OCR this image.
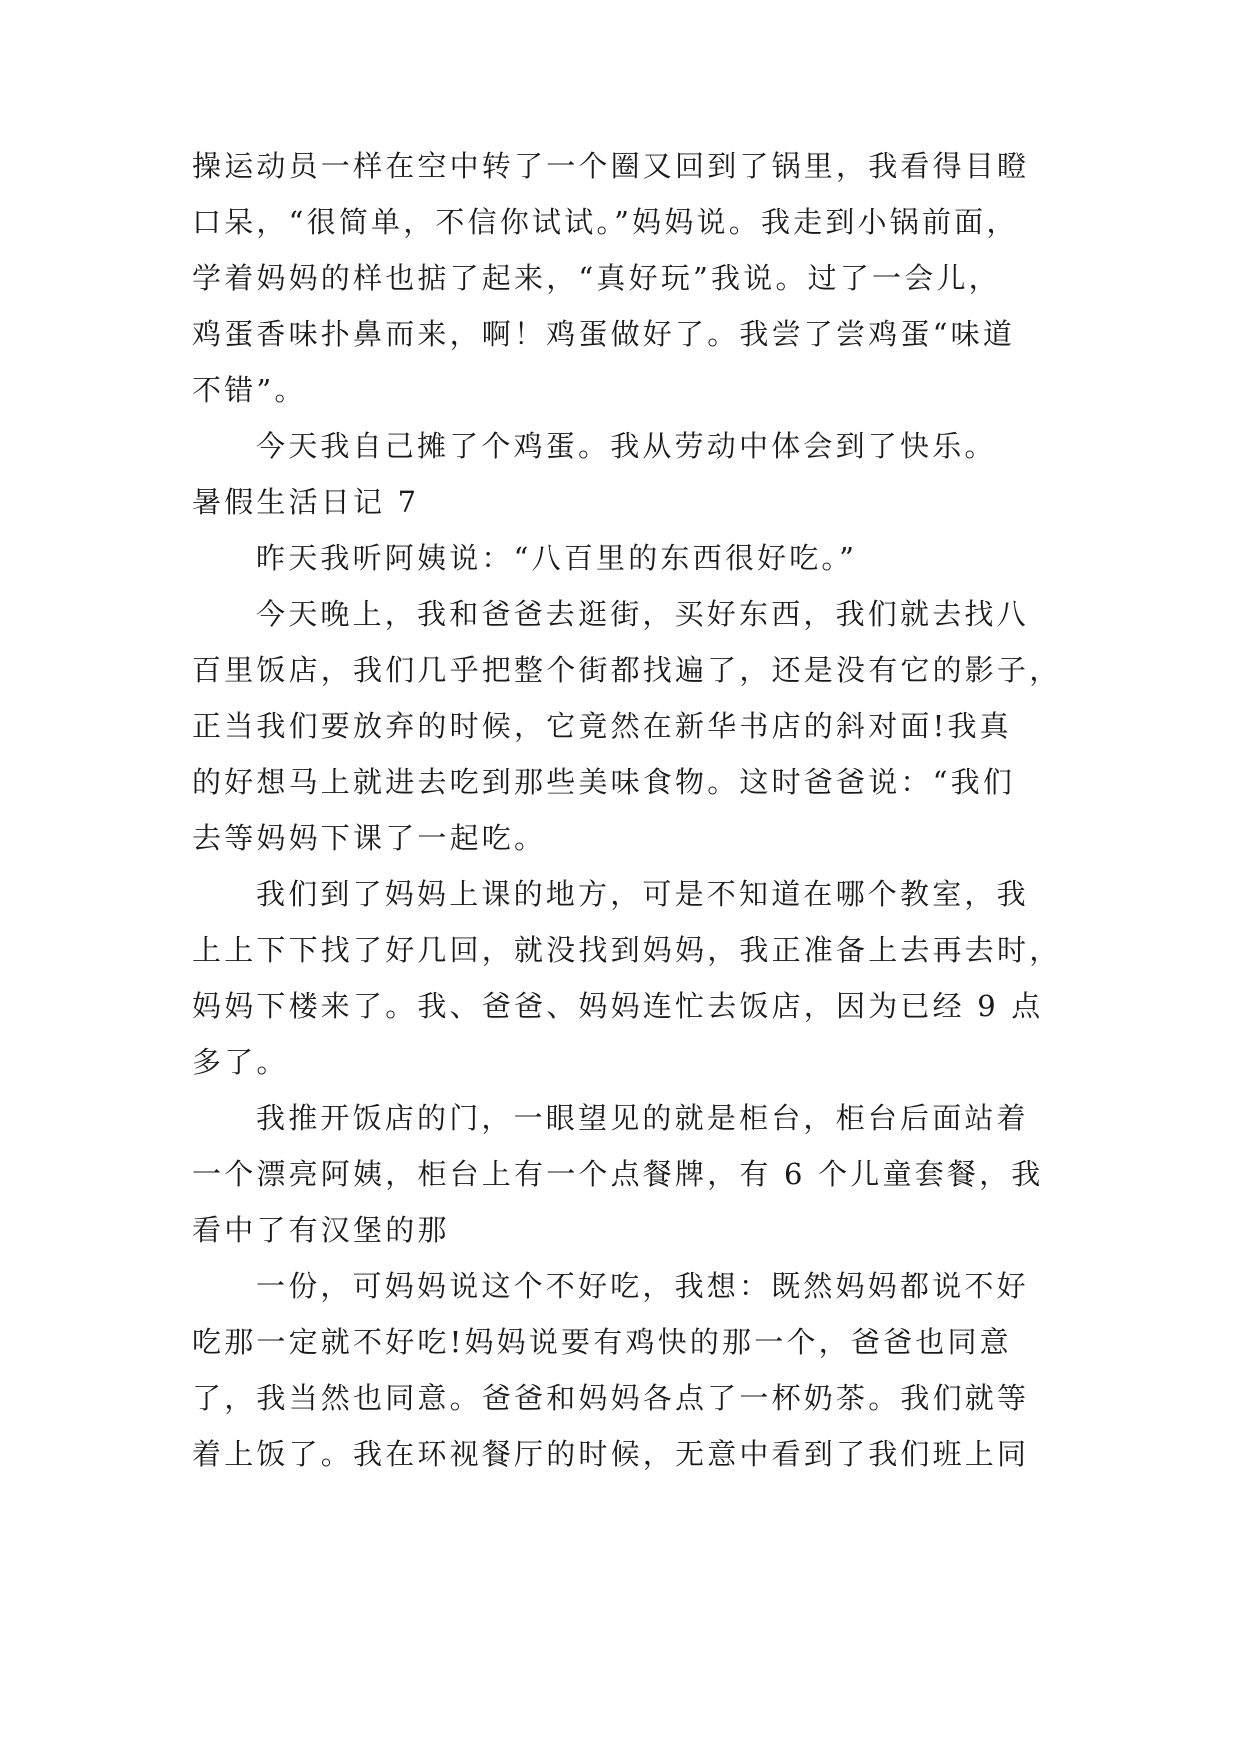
操运动员一样在空中转了一个圈又回到了锅里，我看得目瞪
口呆，“很简单，不信你试试。”妈妈说。我走到小锅前面，
学着妈妈的样也掂了起来，“真好玩”我说。过了一会儿，
鸡蛋香味扑鼻而来，啊！鸡蛋做好了。我尝了尝鸡蛋“味道
不错”。
今天我自己摊了个鸡蛋。我从劳动中体会到了快乐。
暑假生活日记 7
昨天我听阿姨说：“八百里的东西很好吃。”
今天晚上，我和爸爸去逛街，买好东西，我们就去找八
百里饭店，我们几乎把整个街都找遍了，还是没有它的影子，
正当我们要放弃的时候，它竟然在新华书店的斜对面!我真
的好想马上就进去吃到那些美味食物。这时爸爸说：“我们
去等妈妈下课了一起吃。
我们到了妈妈上课的地方，可是不知道在哪个教室，我
上上下下找了好几回，就没找到妈妈，我正准备上去再去时，
妈妈下楼来了。我、爸爸、妈妈连忙去饭店，因为已经 9 点
多了。
我推开饭店的门，一眼望见的就是柜台，柜台后面站着
一个漂亮阿姨，柜台上有一个点餐牌，有 6 个儿童套餐，我
看中了有汉堡的那
一份，可妈妈说这个不好吃，我想：既然妈妈都说不好
吃那一定就不好吃!妈妈说要有鸡快的那一个，爸爸也同意
了，我当然也同意。爸爸和妈妈各点了一杯奶茶。我们就等
着上饭了。我在环视餐厅的时候，无意中看到了我们班上同
